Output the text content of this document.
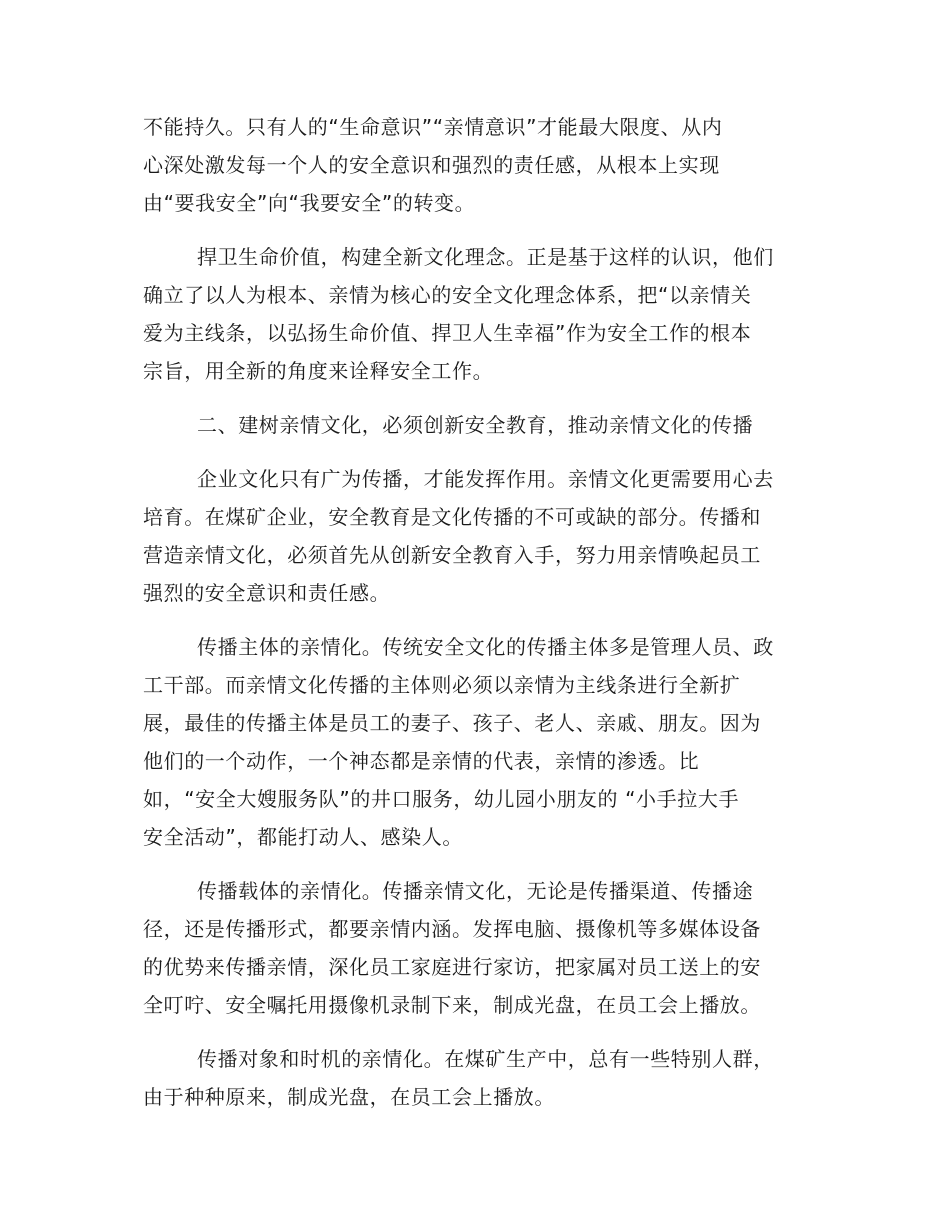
不能持久。只有人的“生命意识”“亲情意识”才能最大限度、从内
心深处激发每一个人的安全意识和强烈的责任感，从根本上实现
由“要我安全”向“我要安全”的转变。
捍卫生命价值，构建全新文化理念。正是基于这样的认识，他们
确立了以人为根本、亲情为核心的安全文化理念体系，把“以亲情关
爱为主线条，以弘扬生命价值、捍卫人生幸福”作为安全工作的根本
宗旨，用全新的角度来诠释安全工作。
二、建树亲情文化，必须创新安全教育，推动亲情文化的传播
企业文化只有广为传播，才能发挥作用。亲情文化更需要用心去
培育。在煤矿企业，安全教育是文化传播的不可或缺的部分。传播和
营造亲情文化，必须首先从创新安全教育入手，努力用亲情唤起员工
强烈的安全意识和责任感。
传播主体的亲情化。传统安全文化的传播主体多是管理人员、政
工干部。而亲情文化传播的主体则必须以亲情为主线条进行全新扩
展，最佳的传播主体是员工的妻子、孩子、老人、亲戚、朋友。因为
他们的一个动作，一个神态都是亲情的代表，亲情的渗透。比
如，“安全大嫂服务队”的井口服务，幼儿园小朋友的 “小手拉大手
安全活动”，都能打动人、感染人。
传播载体的亲情化。传播亲情文化，无论是传播渠道、传播途
径，还是传播形式，都要亲情内涵。发挥电脑、摄像机等多媒体设备
的优势来传播亲情，深化员工家庭进行家访，把家属对员工送上的安
全叮咛、安全嘱托用摄像机录制下来，制成光盘，在员工会上播放。
传播对象和时机的亲情化。在煤矿生产中，总有一些特别人群，
由于种种原来，制成光盘，在员工会上播放。
